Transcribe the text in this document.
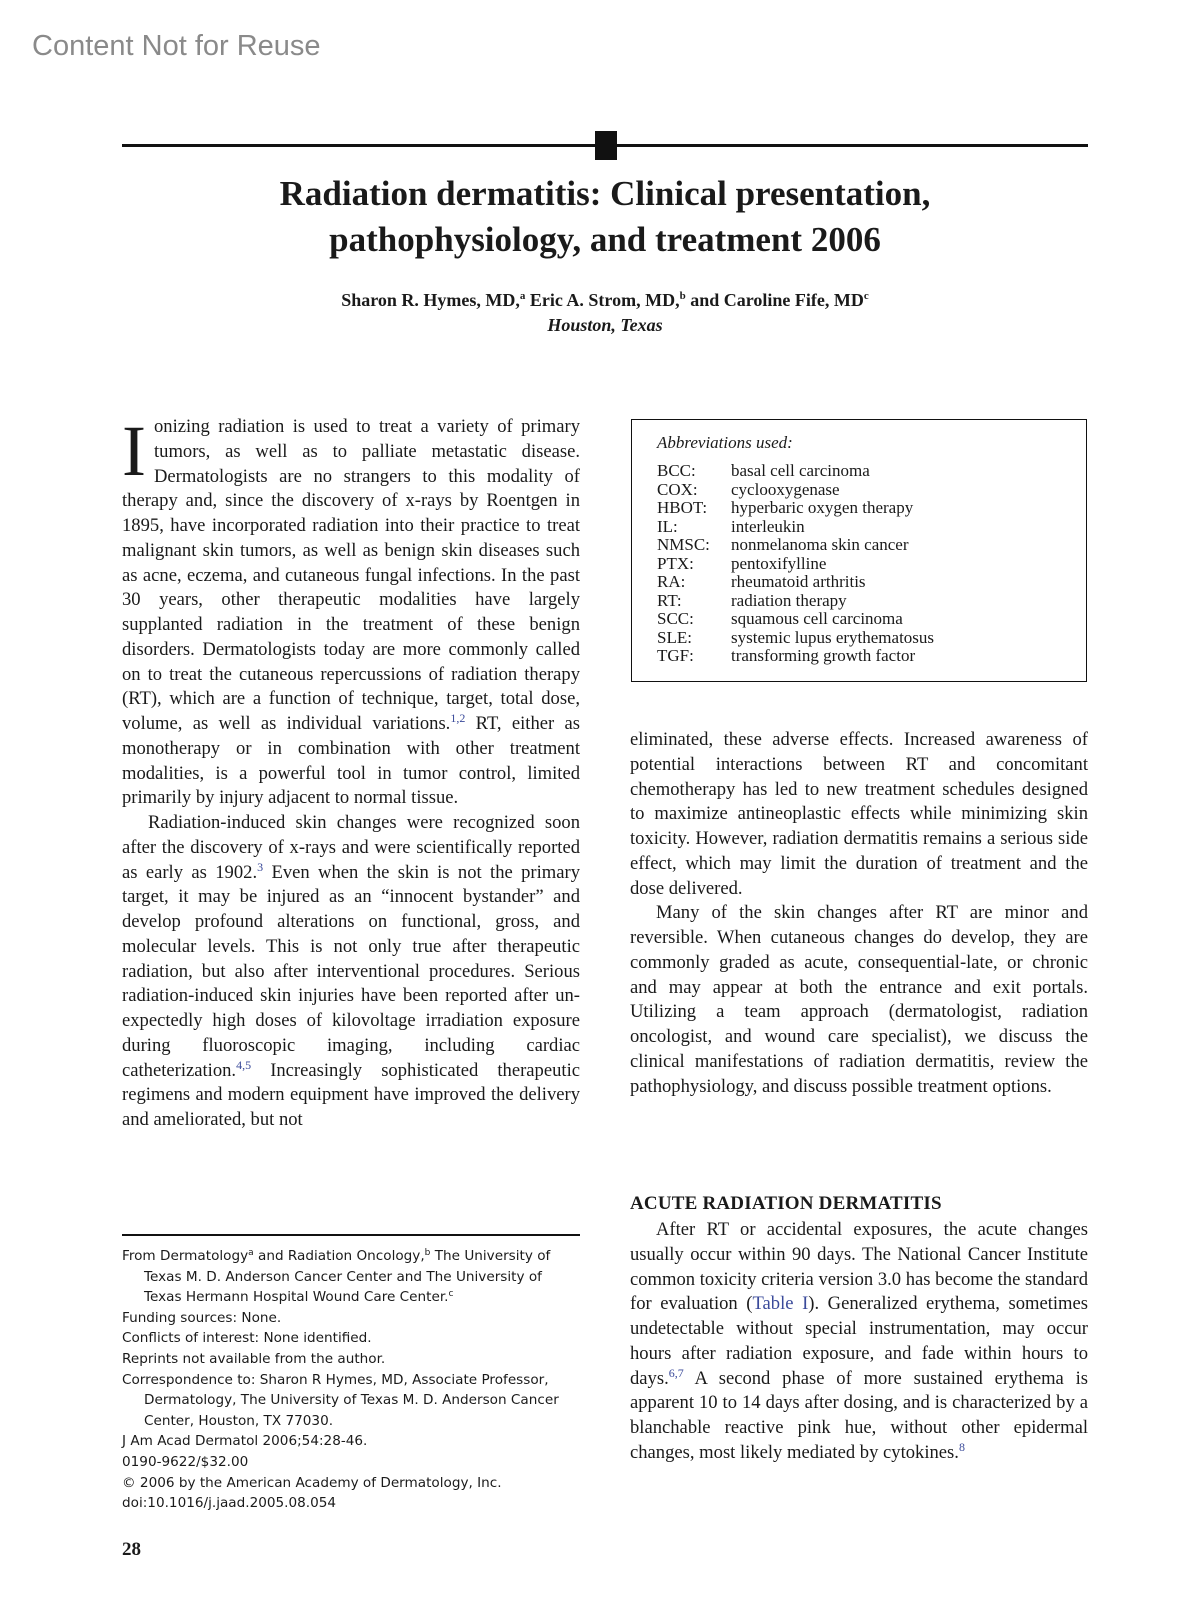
Content Not for Reuse
Radiation dermatitis: Clinical presentation,
pathophysiology, and treatment 2006
Sharon R. Hymes, MD,$^a$ Eric A. Strom, MD,$^b$ and Caroline Fife, $MD^c$
Houston, Texas

Ionizing radiation is used to treat a variety of primary tumors, as well as to palliate metastatic disease. Dermatologists are no strangers to this modality of therapy and, since the discovery of x-rays by Roentgen in 1895, have incorporated radiation into their practice to treat malignant skin tumors, as well as benign skin diseases such as acne, eczema, and cutaneous fungal infections. In the past 30 years, other therapeutic modalities have largely supplanted radiation in the treatment of these benign disorders. Dermatologists today are more commonly called on to treat the cutaneous repercussions of radiation therapy (RT), which are a function of technique, target, total dose, volume, as well as individual variations.$^{1,2}$ RT, either as monotherapy or in combination with other treatment modalities, is a powerful tool in tumor control, limited primarily by injury adjacent to normal tissue.

Radiation-induced skin changes were recognized soon after the discovery of x-rays and were scientifically reported as early as 1902.$^3$ Even when the skin is not the primary target, it may be injured as an “innocent bystander” and develop profound alterations on functional, gross, and molecular levels. This is not only true after therapeutic radiation, but also after interventional procedures. Serious radiation-induced skin injuries have been reported after unexpectedly high doses of kilovoltage irradiation exposure during fluoroscopic imaging, including cardiac catheterization.$^{4,5}$ Increasingly sophisticated therapeutic regimens and modern equipment have improved the delivery and ameliorated, but not

Abbreviations used:
BCC:	basal cell carcinoma
COX:	cyclooxygenase
HBOT:	hyperbaric oxygen therapy
IL:	interleukin
NMSC:	nonmelanoma skin cancer
PTX:	pentoxifylline
RA:	rheumatoid arthritis
RT:	radiation therapy
SCC:	squamous cell carcinoma
SLE:	systemic lupus erythematosus
TGF:	transforming growth factor

eliminated, these adverse effects. Increased awareness of potential interactions between RT and concomitant chemotherapy has led to new treatment schedules designed to maximize antineoplastic effects while minimizing skin toxicity. However, radiation dermatitis remains a serious side effect, which may limit the duration of treatment and the dose delivered.

Many of the skin changes after RT are minor and reversible. When cutaneous changes do develop, they are commonly graded as acute, consequential-late, or chronic and may appear at both the entrance and exit portals. Utilizing a team approach (dermatologist, radiation oncologist, and wound care specialist), we discuss the clinical manifestations of radiation dermatitis, review the pathophysiology, and discuss possible treatment options.

ACUTE RADIATION DERMATITIS

After RT or accidental exposures, the acute changes usually occur within 90 days. The National Cancer Institute common toxicity criteria version 3.0 has become the standard for evaluation (Table I). Generalized erythema, sometimes undetectable without special instrumentation, may occur hours after radiation exposure, and fade within hours to days.$^{6,7}$ A second phase of more sustained erythema is apparent 10 to 14 days after dosing, and is characterized by a blanchable reactive pink hue, without other epidermal changes, most likely mediated by cytokines.$^8$

From Dermatology$^a$ and Radiation Oncology,$^b$ The University of Texas M. D. Anderson Cancer Center and The University of Texas Hermann Hospital Wound Care Center.$^c$
Funding sources: None.
Conflicts of interest: None identified.
Reprints not available from the author.
Correspondence to: Sharon R Hymes, MD, Associate Professor, Dermatology, The University of Texas M. D. Anderson Cancer Center, Houston, TX 77030.
J Am Acad Dermatol 2006;54:28-46.
0190-9622/$32.00
© 2006 by the American Academy of Dermatology, Inc.
doi:10.1016/j.jaad.2005.08.054
28
